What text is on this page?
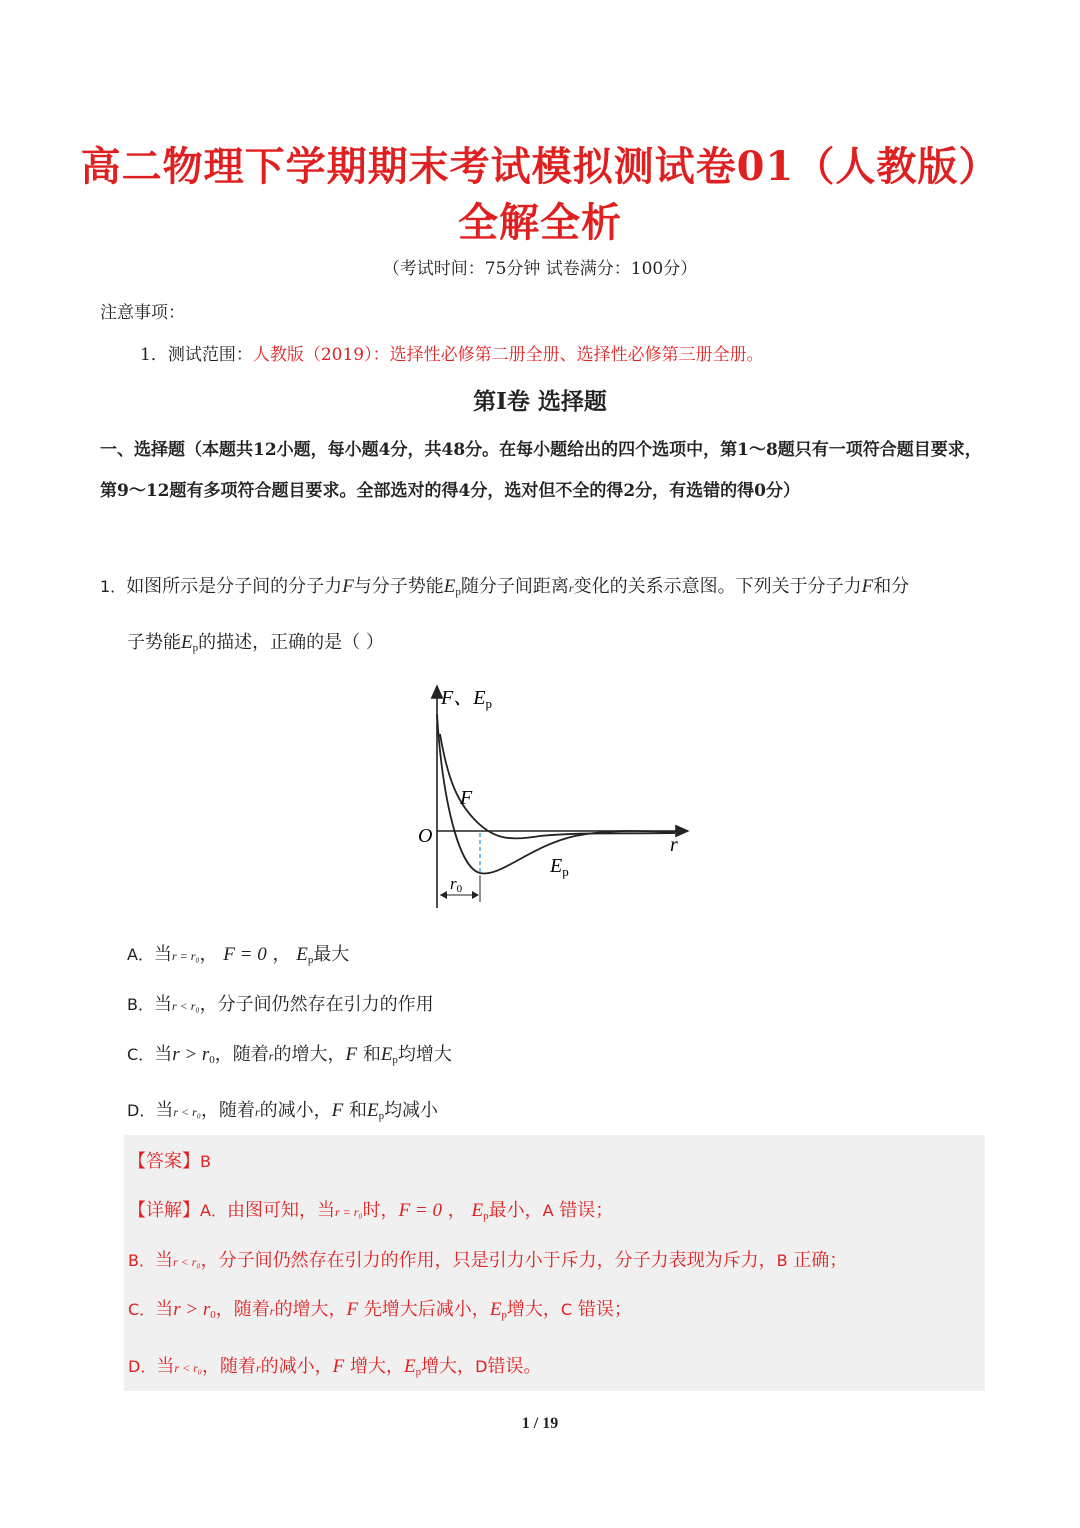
高二物理下学期期末考试模拟测试卷01（人教版）
全解全析
（考试时间：75分钟 试卷满分：100分）
注意事项：
1．测试范围：人教版（2019）：选择性必修第二册全册、选择性必修第三册全册。
第Ⅰ卷 选择题
一、选择题（本题共12小题，每小题4分，共48分。在每小题给出的四个选项中，第1～8题只有一项符合题目要求，第9～12题有多项符合题目要求。全部选对的得4分，选对但不全的得2分，有选错的得0分）
1．如图所示是分子间的分子力F与分子势能$E_p$随分子间距离r变化的关系示意图。下列关于分子力F和分
子势能$E_p$的描述，正确的是（ ）
F、$E_p$
O	r
F
$E_p$
r0
A．当r = r₀， F = 0 ， $E_p$最大
B．当r < r₀，分子间仍然存在引力的作用
C．当$r > r_0$，随着r的增大，F 和$E_p$均增大
D．当r < r₀，随着r的减小，F 和$E_p$均减小
【答案】B
【详解】A．由图可知，当r = r₀时，F = 0 ， $E_p$最小，A 错误；
B．当r < r₀，分子间仍然存在引力的作用，只是引力小于斥力，分子力表现为斥力，B 正确；
C．当$r > r_0$，随着r的增大，F 先增大后减小，$E_p$增大，C 错误；
D．当r < r₀，随着r的减小，F 增大，$E_p$增大，D错误。
1 / 19
